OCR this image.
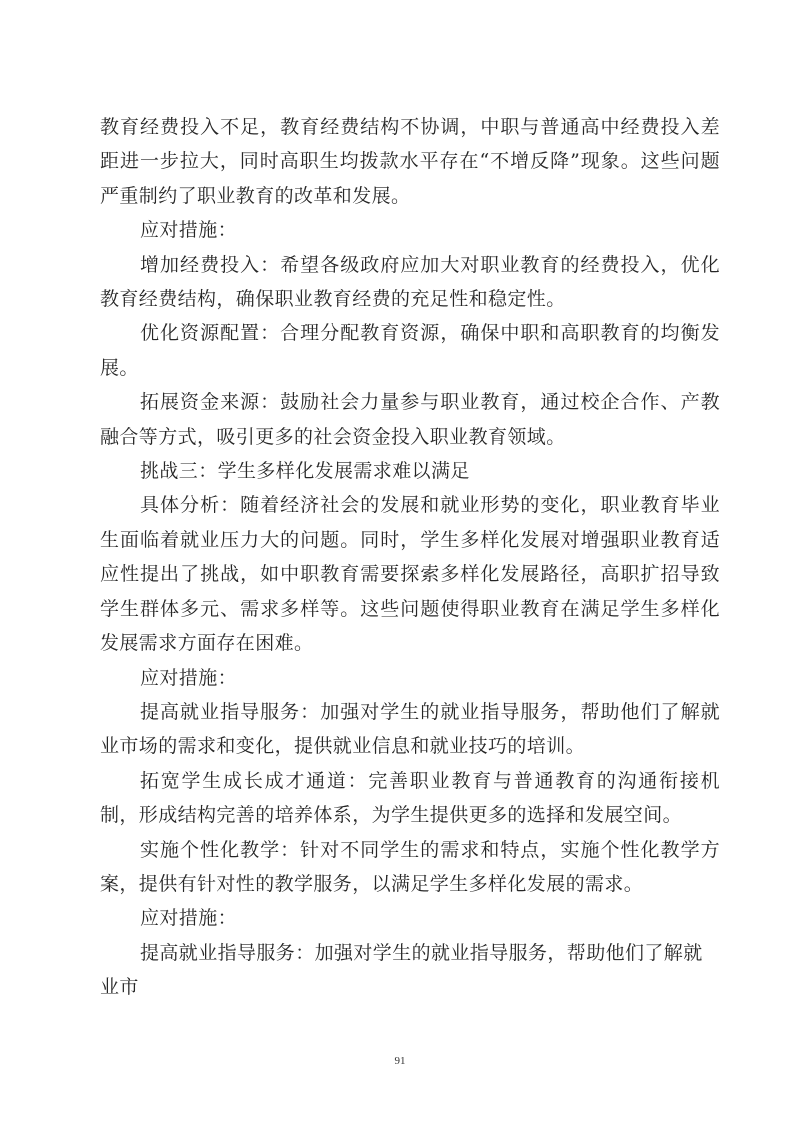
教育经费投入不足，教育经费结构不协调，中职与普通高中经费投入差距进一步拉大，同时高职生均拨款水平存在“不增反降”现象。这些问题严重制约了职业教育的改革和发展。

应对措施：

增加经费投入：希望各级政府应加大对职业教育的经费投入，优化教育经费结构，确保职业教育经费的充足性和稳定性。

优化资源配置：合理分配教育资源，确保中职和高职教育的均衡发展。

拓展资金来源：鼓励社会力量参与职业教育，通过校企合作、产教融合等方式，吸引更多的社会资金投入职业教育领域。

挑战三：学生多样化发展需求难以满足

具体分析：随着经济社会的发展和就业形势的变化，职业教育毕业生面临着就业压力大的问题。同时，学生多样化发展对增强职业教育适应性提出了挑战，如中职教育需要探索多样化发展路径，高职扩招导致学生群体多元、需求多样等。这些问题使得职业教育在满足学生多样化发展需求方面存在困难。

应对措施：

提高就业指导服务：加强对学生的就业指导服务，帮助他们了解就业市场的需求和变化，提供就业信息和就业技巧的培训。

拓宽学生成长成才通道：完善职业教育与普通教育的沟通衔接机制，形成结构完善的培养体系，为学生提供更多的选择和发展空间。

实施个性化教学：针对不同学生的需求和特点，实施个性化教学方案，提供有针对性的教学服务，以满足学生多样化发展的需求。

应对措施：

提高就业指导服务：加强对学生的就业指导服务，帮助他们了解就业市

91
